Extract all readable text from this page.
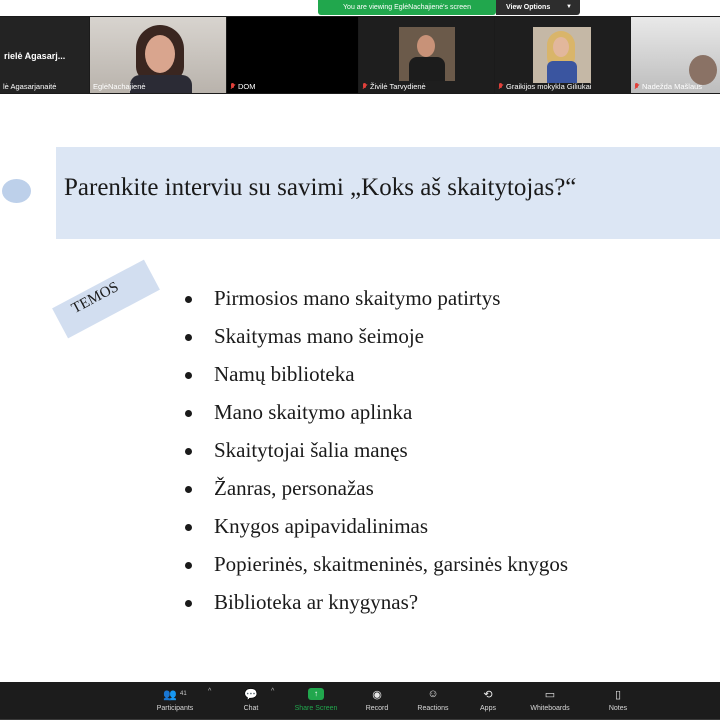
You are viewing EglėNachajienė's screen	View Options	▼
rielė Agasarj...
lė Agasarjanaitė	EglėNachajienė	DOM	Živilė Tarvydienė	Graikijos mokykla Giliukai	Nadežda Mašlaus
Parenkite interviu su savimi „Koks aš skaitytojas?“
TEMOS	Pirmosios mano skaitymo patirtys
Skaitymas mano šeimoje
Namų biblioteka
Mano skaitymo aplinka
Skaitytojai šalia manęs
Žanras, personažas
Knygos apipavidalinimas
Popierinės, skaitmeninės, garsinės knygos
Biblioteka ar knygynas?
👥
41
Participants
^	💬
Chat
^	↑
Share Screen
◉
Record
☺
Reactions
⟲
Apps
▭
Whiteboards
▯
Notes
